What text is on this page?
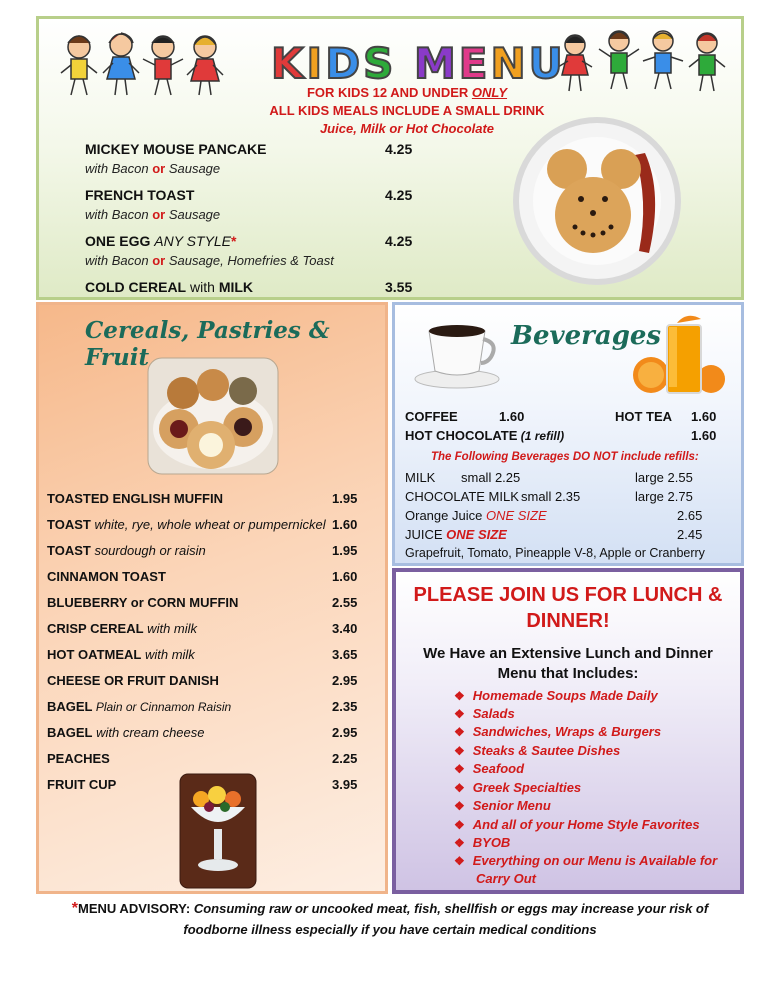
KIDS MENU
FOR KIDS 12 AND UNDER ONLY
ALL KIDS MEALS INCLUDE A SMALL DRINK
Juice, Milk or Hot Chocolate
MICKEY MOUSE PANCAKE	4.25
with Bacon or Sausage
FRENCH TOAST	4.25
with Bacon or Sausage
ONE EGG ANY STYLE*	4.25
with Bacon or Sausage, Homefries & Toast
COLD CEREAL with MILK	3.55
Cereals, Pastries & Fruit
TOASTED ENGLISH MUFFIN	1.95
TOAST white, rye, whole wheat or pumpernickel 1.60
TOAST sourdough or raisin	1.95
CINNAMON TOAST	1.60
BLUEBERRY or CORN MUFFIN	2.55
CRISP CEREAL with milk	3.40
HOT OATMEAL with milk	3.65
CHEESE OR FRUIT DANISH	2.95
BAGEL Plain or Cinnamon Raisin	2.35
BAGEL with cream cheese	2.95
PEACHES	2.25
FRUIT CUP	3.95
Beverages
COFFEE	1.60	HOT TEA 1.60
HOT CHOCOLATE (1 refill)	1.60
The Following Beverages DO NOT include refills:
MILK small 2.25	large 2.55
CHOCOLATE MILK small 2.35	large 2.75
Orange Juice ONE SIZE	2.65
JUICE ONE SIZE	2.45
Grapefruit, Tomato, Pineapple V-8, Apple or Cranberry
PLEASE JOIN US FOR LUNCH & DINNER!
We Have an Extensive Lunch and Dinner Menu that Includes:
❖ Homemade Soups Made Daily
❖ Salads
❖ Sandwiches, Wraps & Burgers
❖ Steaks & Sautee Dishes
❖ Seafood
❖ Greek Specialties
❖ Senior Menu
❖ And all of your Home Style Favorites
❖ BYOB
❖ Everything on our Menu is Available for
Carry Out
*MENU ADVISORY: Consuming raw or uncooked meat, fish, shellfish or eggs may increase your risk of
foodborne illness especially if you have certain medical conditions
